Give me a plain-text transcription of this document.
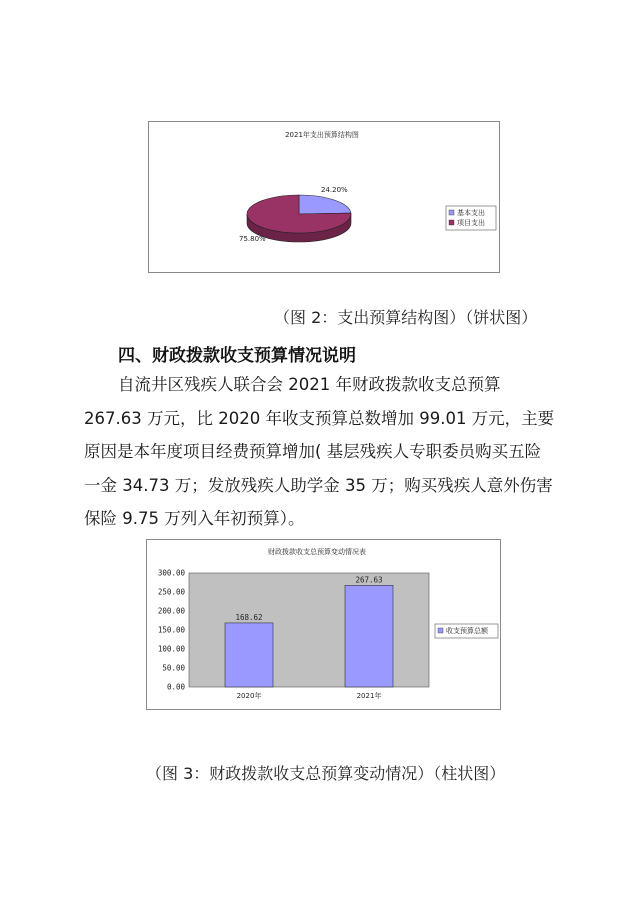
2021年支出预算结构图
24.20%
75.80%
基本支出
项目支出
（图 2：支出预算结构图）（饼状图）
四、财政拨款收支预算情况说明
自流井区残疾人联合会 2021 年财政拨款收支总预算
267.63 万元，比 2020 年收支预算总数增加 99.01 万元，主要
原因是本年度项目经费预算增加( 基层残疾人专职委员购买五险
一金 34.73 万；发放残疾人助学金 35 万；购买残疾人意外伤害
保险 9.75 万列入年初预算）。
财政拨款收支总预算变动情况表
0.00
50.00
100.00
150.00
200.00
250.00
300.00
168.62
267.63
2020年	2021年
收支预算总额
（图 3：财政拨款收支总预算变动情况）（柱状图）
